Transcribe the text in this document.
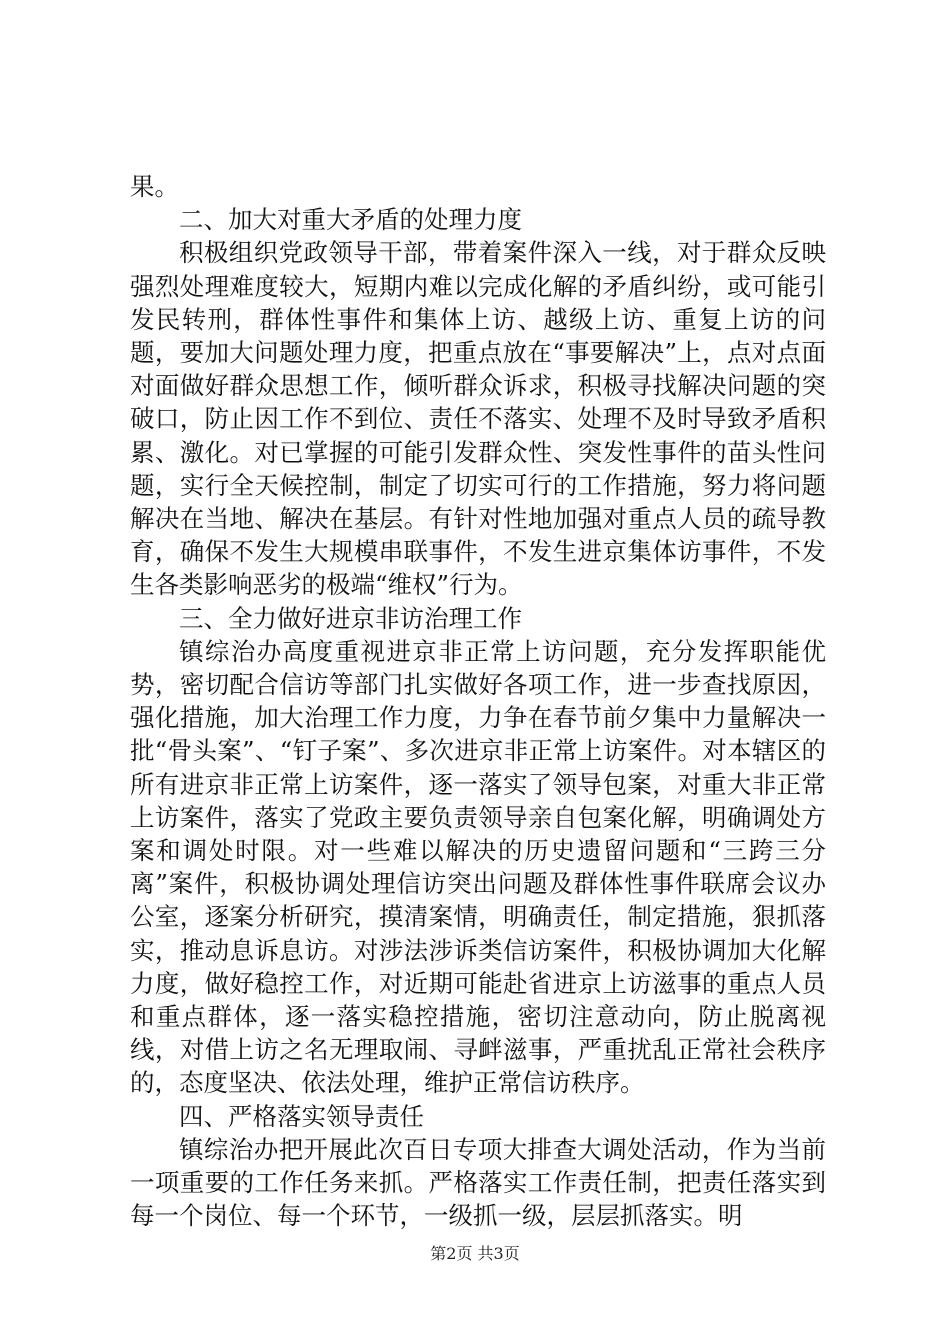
果。

二、加大对重大矛盾的处理力度

积极组织党政领导干部，带着案件深入一线，对于群众反映强烈处理难度较大，短期内难以完成化解的矛盾纠纷，或可能引发民转刑，群体性事件和集体上访、越级上访、重复上访的问题，要加大问题处理力度，把重点放在“事要解决”上，点对点面对面做好群众思想工作，倾听群众诉求，积极寻找解决问题的突破口，防止因工作不到位、责任不落实、处理不及时导致矛盾积累、激化。对已掌握的可能引发群众性、突发性事件的苗头性问题，实行全天候控制，制定了切实可行的工作措施，努力将问题解决在当地、解决在基层。有针对性地加强对重点人员的疏导教育，确保不发生大规模串联事件，不发生进京集体访事件，不发生各类影响恶劣的极端“维权”行为。

三、全力做好进京非访治理工作

镇综治办高度重视进京非正常上访问题，充分发挥职能优势，密切配合信访等部门扎实做好各项工作，进一步查找原因，强化措施，加大治理工作力度，力争在春节前夕集中力量解决一批“骨头案”、“钉子案”、多次进京非正常上访案件。对本辖区的所有进京非正常上访案件，逐一落实了领导包案，对重大非正常上访案件，落实了党政主要负责领导亲自包案化解，明确调处方案和调处时限。对一些难以解决的历史遗留问题和“三跨三分离”案件，积极协调处理信访突出问题及群体性事件联席会议办公室，逐案分析研究，摸清案情，明确责任，制定措施，狠抓落实，推动息诉息访。对涉法涉诉类信访案件，积极协调加大化解力度，做好稳控工作，对近期可能赴省进京上访滋事的重点人员和重点群体，逐一落实稳控措施，密切注意动向，防止脱离视线，对借上访之名无理取闹、寻衅滋事，严重扰乱正常社会秩序的，态度坚决、依法处理，维护正常信访秩序。

四、严格落实领导责任

镇综治办把开展此次百日专项大排查大调处活动，作为当前一项重要的工作任务来抓。严格落实工作责任制，把责任落实到每一个岗位、每一个环节，一级抓一级，层层抓落实。明

第2页 共3页
